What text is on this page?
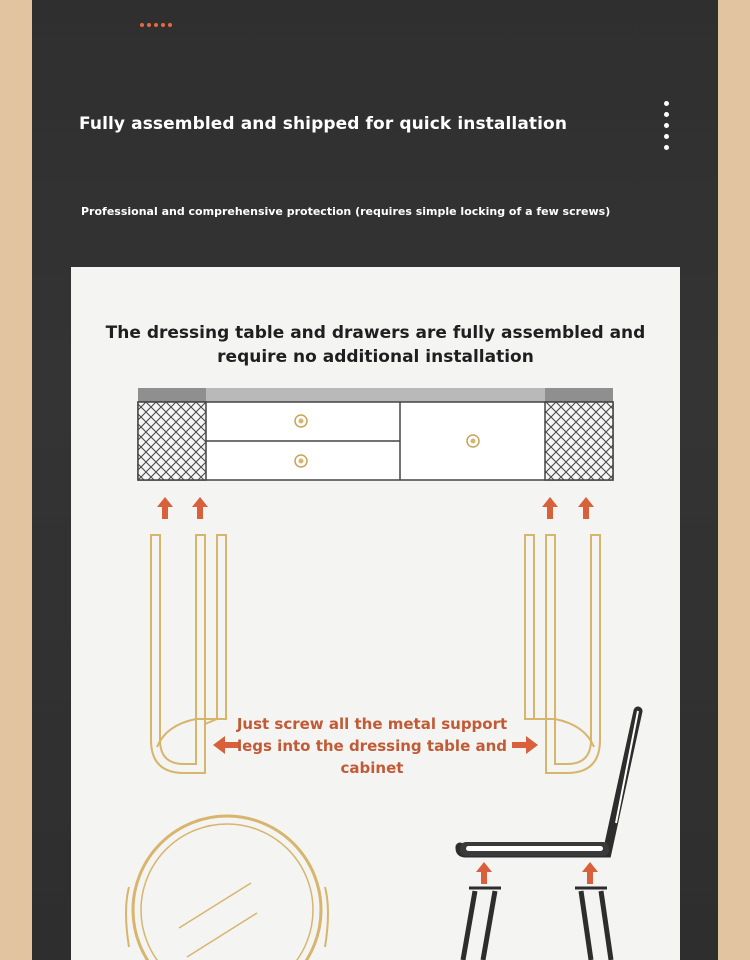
Fully assembled and shipped for quick installation
Professional and comprehensive protection (requires simple locking of a few screws)
The dressing table and drawers are fully assembled and
require no additional installation
Just screw all the metal support
legs into the dressing table and
cabinet
